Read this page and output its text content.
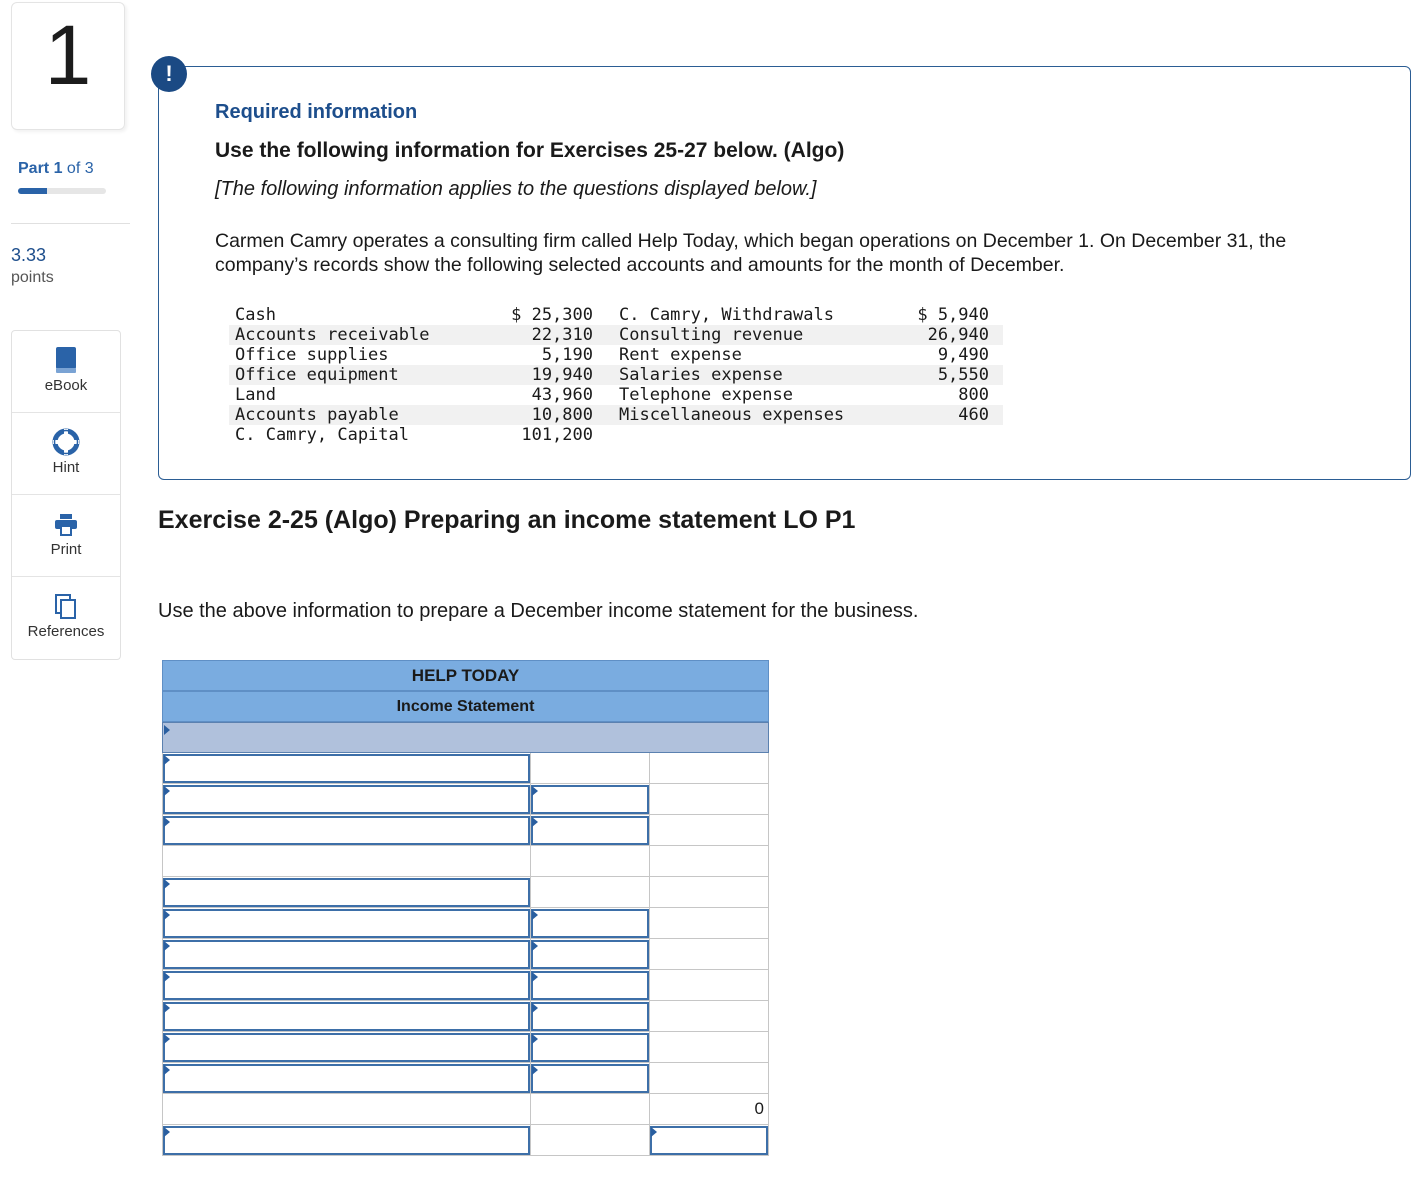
1
Part 1 of 3
3.33
points
eBook
Hint
Print
References
!
Required information
Use the following information for Exercises 25-27 below. (Algo)
[The following information applies to the questions displayed below.]
Carmen Camry operates a consulting firm called Help Today, which began operations on December 1. On December 31, the company’s records show the following selected accounts and amounts for the month of December.
Cash	$ 25,300	C. Camry, Withdrawals	$ 5,940
Accounts receivable	22,310	Consulting revenue	26,940
Office supplies	5,190	Rent expense	9,490
Office equipment	19,940	Salaries expense	5,550
Land	43,960	Telephone expense	800
Accounts payable	10,800	Miscellaneous expenses	460
C. Camry, Capital	101,200		
Exercise 2-25 (Algo) Preparing an income statement LO P1
Use the above information to prepare a December income statement for the business.
HELP TODAY
Income Statement
0
